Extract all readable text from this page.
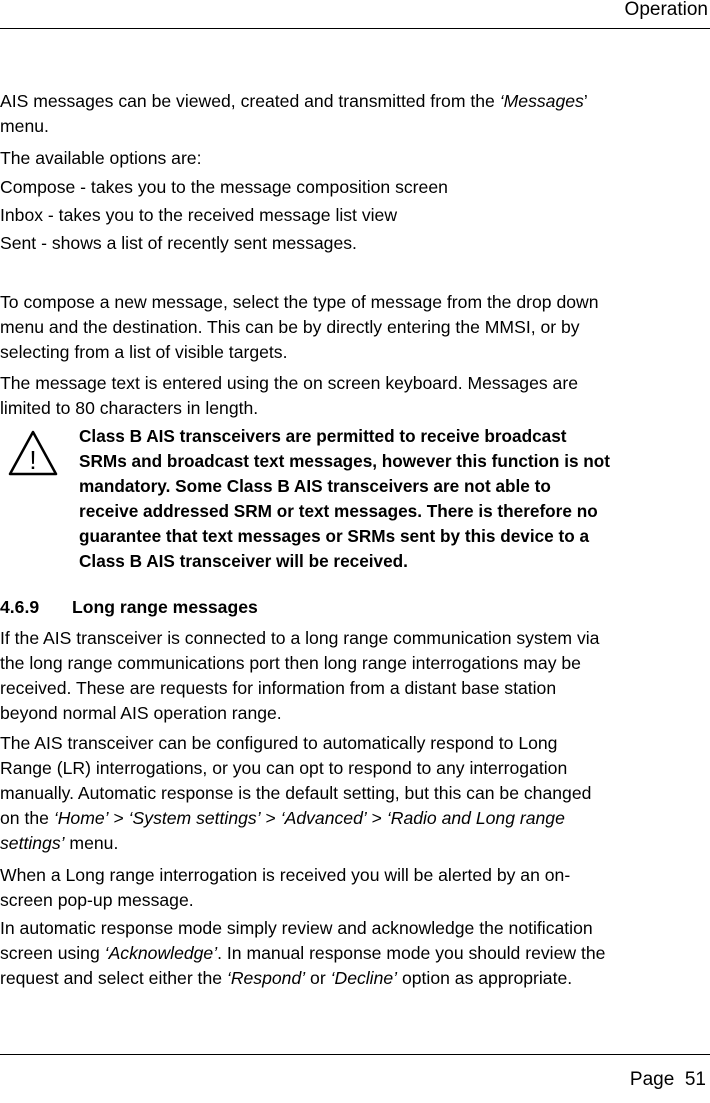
Operation

AIS messages can be viewed, created and transmitted from the ‘Messages’
menu.

The available options are:

Compose - takes you to the message composition screen

Inbox - takes you to the received message list view

Sent - shows a list of recently sent messages.

To compose a new message, select the type of message from the drop down
menu and the destination. This can be by directly entering the MMSI, or by
selecting from a list of visible targets.

The message text is entered using the on screen keyboard. Messages are
limited to 80 characters in length.

!

Class B AIS transceivers are permitted to receive broadcast
SRMs and broadcast text messages, however this function is not
mandatory. Some Class B AIS transceivers are not able to
receive addressed SRM or text messages. There is therefore no
guarantee that text messages or SRMs sent by this device to a
Class B AIS transceiver will be received.

4.6.9 Long range messages

If the AIS transceiver is connected to a long range communication system via
the long range communications port then long range interrogations may be
received. These are requests for information from a distant base station
beyond normal AIS operation range.

The AIS transceiver can be configured to automatically respond to Long
Range (LR) interrogations, or you can opt to respond to any interrogation
manually. Automatic response is the default setting, but this can be changed
on the ‘Home’ > ‘System settings’ > ‘Advanced’ > ‘Radio and Long range
settings’ menu.

When a Long range interrogation is received you will be alerted by an on-
screen pop-up message.

In automatic response mode simply review and acknowledge the notification
screen using ‘Acknowledge’. In manual response mode you should review the
request and select either the ‘Respond’ or ‘Decline’ option as appropriate.

Page 51
